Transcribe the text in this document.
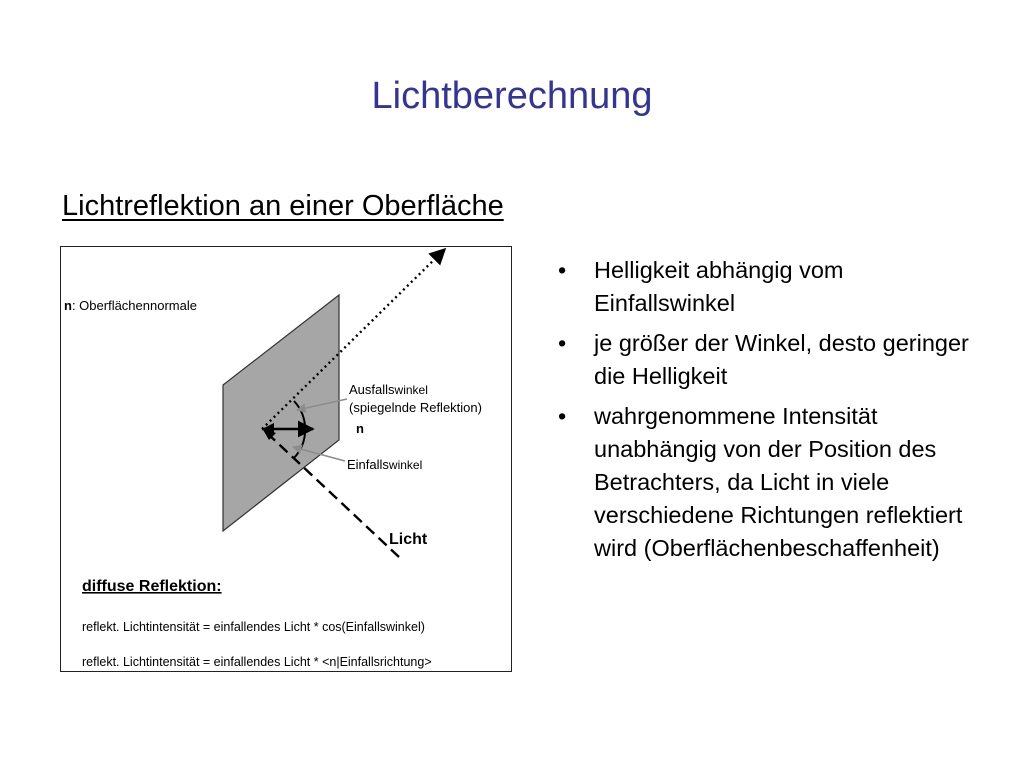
Lichtberechnung
Lichtreflektion an einer Oberfläche
n: Oberflächennormale
Ausfallswinkel
(spiegelnde Reflektion)
n
Einfallswinkel
Licht
diffuse Reflektion:
reflekt. Lichtintensität = einfallendes Licht * cos(Einfallswinkel)
reflekt. Lichtintensität = einfallendes Licht * <n|Einfallsrichtung>
• Helligkeit abhängig vom Einfallswinkel
• je größer der Winkel, desto geringer die Helligkeit
• wahrgenommene Intensität unabhängig von der Position des Betrachters, da Licht in viele verschiedene Richtungen reflektiert wird (Oberflächenbeschaffenheit)
